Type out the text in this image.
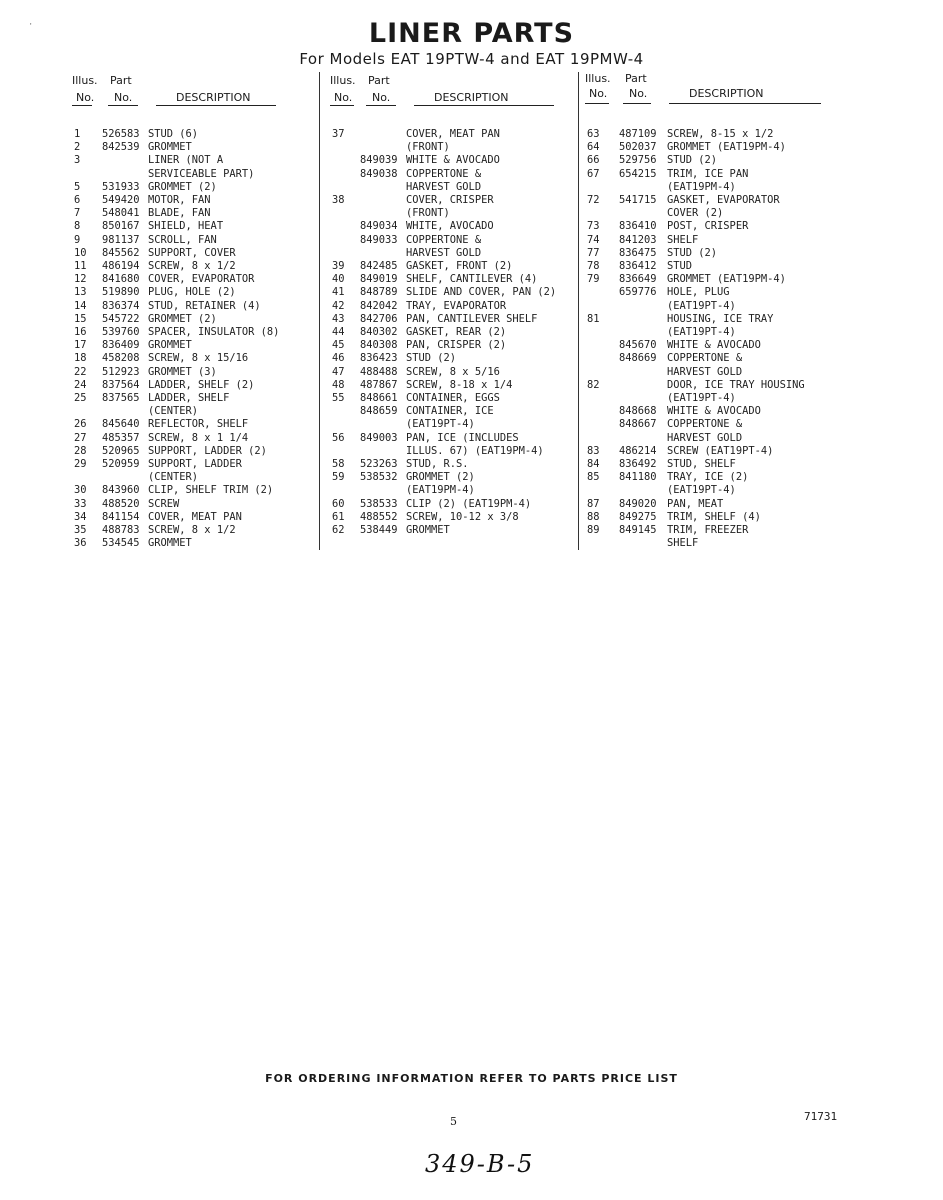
'	LINER PARTS
For Models EAT 19PTW-4 and EAT 19PMW-4
Illus. Part
No. No.	DESCRIPTION
1	526583 STUD (6)
2	842539 GROMMET
3	LINER (NOT A
SERVICEABLE PART)
5	531933 GROMMET (2)
6	549420 MOTOR, FAN
7	548041 BLADE, FAN
8	850167 SHIELD, HEAT
9	981137 SCROLL, FAN
10	845562 SUPPORT, COVER
11	486194 SCREW, 8 x 1/2
12	841680 COVER, EVAPORATOR
13	519890 PLUG, HOLE (2)
14	836374 STUD, RETAINER (4)
15	545722 GROMMET (2)
16	539760 SPACER, INSULATOR (8)
17	836409 GROMMET
18	458208 SCREW, 8 x 15/16
22	512923 GROMMET (3)
24	837564 LADDER, SHELF (2)
25	837565 LADDER, SHELF
(CENTER)
26	845640 REFLECTOR, SHELF
27	485357 SCREW, 8 x 1 1/4
28	520965 SUPPORT, LADDER (2)
29	520959 SUPPORT, LADDER
(CENTER)
30	843960 CLIP, SHELF TRIM (2)
33	488520 SCREW
34	841154 COVER, MEAT PAN
35	488783 SCREW, 8 x 1/2
36	534545 GROMMET
Illus. Part
No. No.	DESCRIPTION
37	COVER, MEAT PAN
(FRONT)
849039 WHITE & AVOCADO
849038 COPPERTONE &
HARVEST GOLD
38	COVER, CRISPER
(FRONT)
849034 WHITE, AVOCADO
849033 COPPERTONE &
HARVEST GOLD
39	842485 GASKET, FRONT (2)
40	849019 SHELF, CANTILEVER (4)
41	848789 SLIDE AND COVER, PAN (2)
42	842042 TRAY, EVAPORATOR
43	842706 PAN, CANTILEVER SHELF
44	840302 GASKET, REAR (2)
45	840308 PAN, CRISPER (2)
46	836423 STUD (2)
47	488488 SCREW, 8 x 5/16
48	487867 SCREW, 8-18 x 1/4
55	848661 CONTAINER, EGGS
848659 CONTAINER, ICE
(EAT19PT-4)
56	849003 PAN, ICE (INCLUDES
ILLUS. 67) (EAT19PM-4)
58	523263 STUD, R.S.
59	538532 GROMMET (2)
(EAT19PM-4)
60	538533 CLIP (2) (EAT19PM-4)
61	488552 SCREW, 10-12 x 3/8
62	538449 GROMMET
Illus. Part
No. No.	DESCRIPTION
63	487109	SCREW, 8-15 x 1/2
64	502037	GROMMET (EAT19PM-4)
66	529756	STUD (2)
67	654215	TRIM, ICE PAN
(EAT19PM-4)
72	541715	GASKET, EVAPORATOR
COVER (2)
73	836410	POST, CRISPER
74	841203	SHELF
77	836475	STUD (2)
78	836412	STUD
79	836649	GROMMET (EAT19PM-4)
659776	HOLE, PLUG
(EAT19PT-4)
81	HOUSING, ICE TRAY
(EAT19PT-4)
845670	WHITE & AVOCADO
848669	COPPERTONE &
HARVEST GOLD
82	DOOR, ICE TRAY HOUSING
(EAT19PT-4)
848668	WHITE & AVOCADO
848667	COPPERTONE &
HARVEST GOLD
83	486214	SCREW (EAT19PT-4)
84	836492	STUD, SHELF
85	841180	TRAY, ICE (2)
(EAT19PT-4)
87	849020	PAN, MEAT
88	849275	TRIM, SHELF (4)
89	849145	TRIM, FREEZER
SHELF
FOR ORDERING INFORMATION REFER TO PARTS PRICE LIST
5	71731
349-B-5
